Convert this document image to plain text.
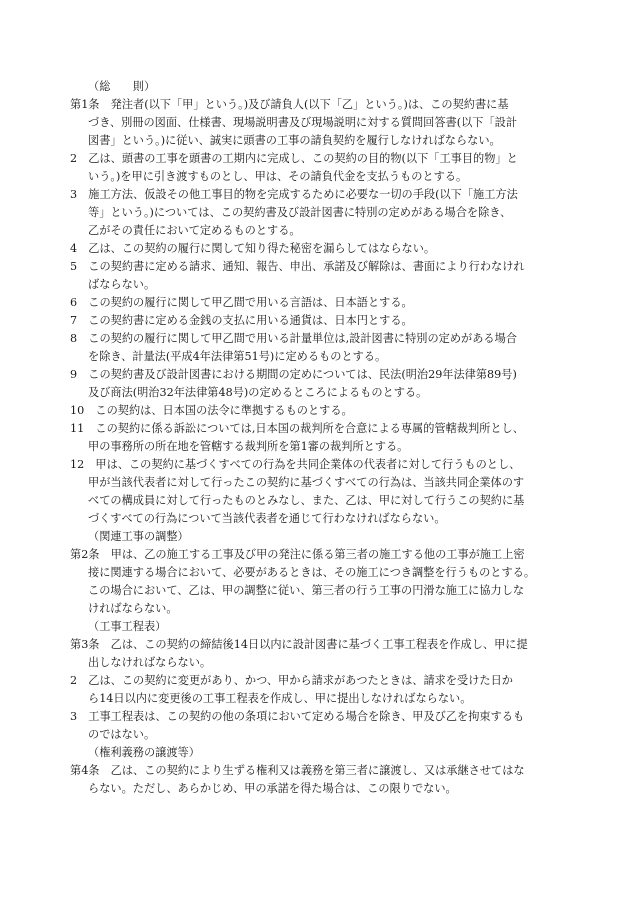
（総　　則）
第1条　発注者(以下「甲」という。)及び請負人(以下「乙」という。)は、この契約書に基
づき、別冊の図面、仕様書、現場説明書及び現場説明に対する質問回答書(以下「設計
図書」という。)に従い、誠実に頭書の工事の請負契約を履行しなければならない。
2　乙は、頭書の工事を頭書の工期内に完成し、この契約の目的物(以下「工事目的物」と
いう。)を甲に引き渡すものとし、甲は、その請負代金を支払うものとする。
3　施工方法、仮設その他工事目的物を完成するために必要な一切の手段(以下「施工方法
等」という。)については、この契約書及び設計図書に特別の定めがある場合を除き、
乙がその責任において定めるものとする。
4　乙は、この契約の履行に関して知り得た秘密を漏らしてはならない。
5　この契約書に定める請求、通知、報告、申出、承諾及び解除は、書面により行わなけれ
ばならない。
6　この契約の履行に関して甲乙間で用いる言語は、日本語とする。
7　この契約書に定める金銭の支払に用いる通貨は、日本円とする。
8　この契約の履行に関して甲乙間で用いる計量単位は,設計図書に特別の定めがある場合
を除き、計量法(平成4年法律第51号)に定めるものとする。
9　この契約書及び設計図書における期間の定めについては、民法(明治29年法律第89号)
及び商法(明治32年法律第48号)の定めるところによるものとする。
10　この契約は、日本国の法令に準拠するものとする。
11　この契約に係る訴訟については,日本国の裁判所を合意による専属的管轄裁判所とし、
甲の事務所の所在地を管轄する裁判所を第1審の裁判所とする。
12　甲は、この契約に基づくすべての行為を共同企業体の代表者に対して行うものとし、
甲が当該代表者に対して行ったこの契約に基づくすべての行為は、当該共同企業体のす
べての構成員に対して行ったものとみなし、また、乙は、甲に対して行うこの契約に基
づくすべての行為について当該代表者を通じて行わなければならない。
（関連工事の調整）
第2条　甲は、乙の施工する工事及び甲の発注に係る第三者の施工する他の工事が施工上密
接に関連する場合において、必要があるときは、その施工につき調整を行うものとする。
この場合において、乙は、甲の調整に従い、第三者の行う工事の円滑な施工に協力しな
ければならない。
（工事工程表）
第3条　乙は、この契約の締結後14日以内に設計図書に基づく工事工程表を作成し、甲に提
出しなければならない。
2　乙は、この契約に変更があり、かつ、甲から請求があつたときは、請求を受けた日か
ら14日以内に変更後の工事工程表を作成し、甲に提出しなければならない。
3　工事工程表は、この契約の他の条項において定める場合を除き、甲及び乙を拘束するも
のではない。
（権利義務の譲渡等）
第4条　乙は、この契約により生ずる権利又は義務を第三者に譲渡し、又は承継させてはな
らない。ただし、あらかじめ、甲の承諾を得た場合は、この限りでない。
